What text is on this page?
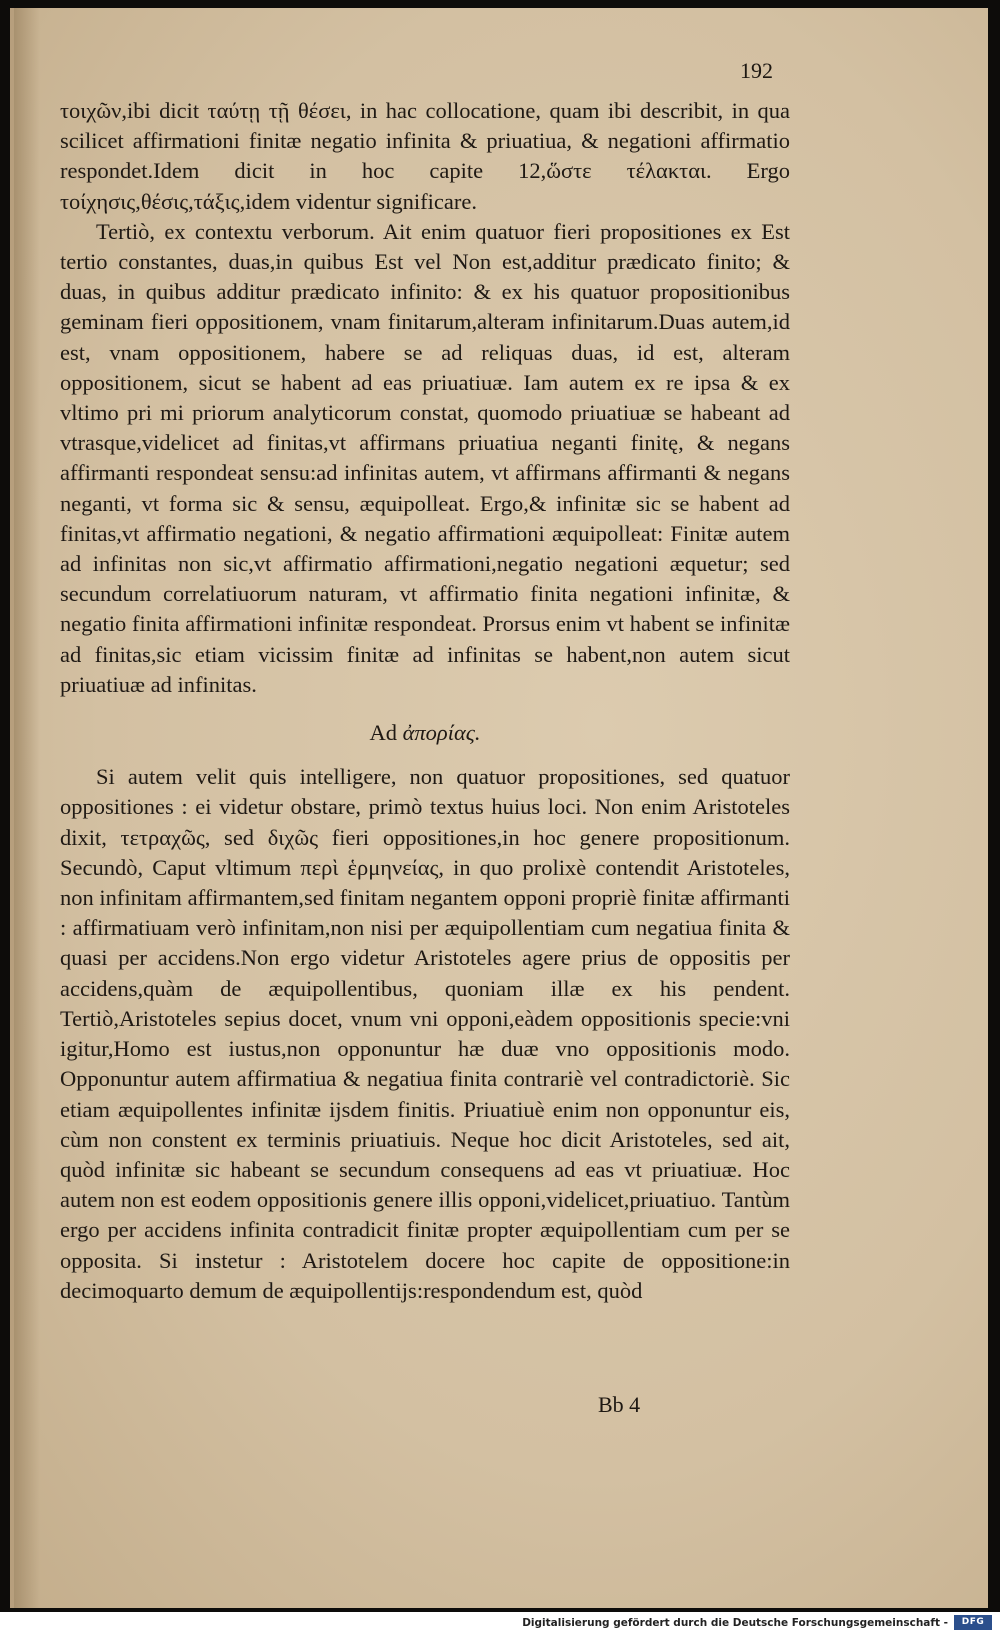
192

τοιχῶν,ibi dicit ταύτῃ τῇ θέσει, in hac collocatione, quam ibi describit, in qua scilicet affirmationi finitæ negatio infinita & priuatiua, & negationi affirmatio respondet.Idem dicit in hoc capite 12,ὥστε τέλακται. Ergo τοίχησις,θέσις,τάξις,idem videntur significare.

Tertiò, ex contextu verborum. Ait enim quatuor fieri propositiones ex Est tertio constantes, duas,in quibus Est vel Non est,additur prædicato finito; & duas, in quibus additur prædicato infinito: & ex his quatuor propositionibus geminam fieri oppositionem, vnam finitarum,alteram infinitarum.Duas autem,id est, vnam oppositionem, habere se ad reliquas duas, id est, alteram oppositionem, sicut se habent ad eas priuatiuæ. Iam autem ex re ipsa & ex vltimo pri mi priorum analyticorum constat, quomodo priuatiuæ se habeant ad vtrasque,videlicet ad finitas,vt affirmans priuatiua neganti finitę, & negans affirmanti respondeat sensu:ad infinitas autem, vt affirmans affirmanti & negans neganti, vt forma sic & sensu, æquipolleat. Ergo,& infinitæ sic se habent ad finitas,vt affirmatio negationi, & negatio affirmationi æquipolleat: Finitæ autem ad infinitas non sic,vt affirmatio affirmationi,negatio negationi æquetur; sed secundum correlatiuorum naturam, vt affirmatio finita negationi infinitæ, & negatio finita affirmationi infinitæ respondeat. Prorsus enim vt habent se infinitæ ad finitas,sic etiam vicissim finitæ ad infinitas se habent,non autem sicut priuatiuæ ad infinitas.

Ad ἀπορίας.

Si autem velit quis intelligere, non quatuor propositiones, sed quatuor oppositiones : ei videtur obstare, primò textus huius loci. Non enim Aristoteles dixit, τετραχῶς, sed διχῶς fieri oppositiones,in hoc genere propositionum. Secundò, Caput vltimum περὶ ἑρμηνείας, in quo prolixè contendit Aristoteles, non infinitam affirmantem,sed finitam negantem opponi propriè finitæ affirmanti : affirmatiuam verò infinitam,non nisi per æquipollentiam cum negatiua finita & quasi per accidens.Non ergo videtur Aristoteles agere prius de oppositis per accidens,quàm de æquipollentibus, quoniam illæ ex his pendent. Tertiò,Aristoteles sepius docet, vnum vni opponi,eàdem oppositionis specie:vni igitur,Homo est iustus,non opponuntur hæ duæ vno oppositionis modo. Opponuntur autem affirmatiua & negatiua finita contrariè vel contradictoriè. Sic etiam æquipollentes infinitæ ijsdem finitis. Priuatiuè enim non opponuntur eis, cùm non constent ex terminis priuatiuis. Neque hoc dicit Aristoteles, sed ait, quòd infinitæ sic habeant se secundum consequens ad eas vt priuatiuæ. Hoc autem non est eodem oppositionis genere illis opponi,videlicet,priuatiuo. Tantùm ergo per accidens infinita contradicit finitæ propter æquipollentiam cum per se opposita. Si instetur : Aristotelem docere hoc capite de oppositione:in decimoquarto demum de æquipollentijs:respondendum est, quòd

Bb 4
Digitalisierung gefördert durch die Deutsche Forschungsgemeinschaft -	DFG
